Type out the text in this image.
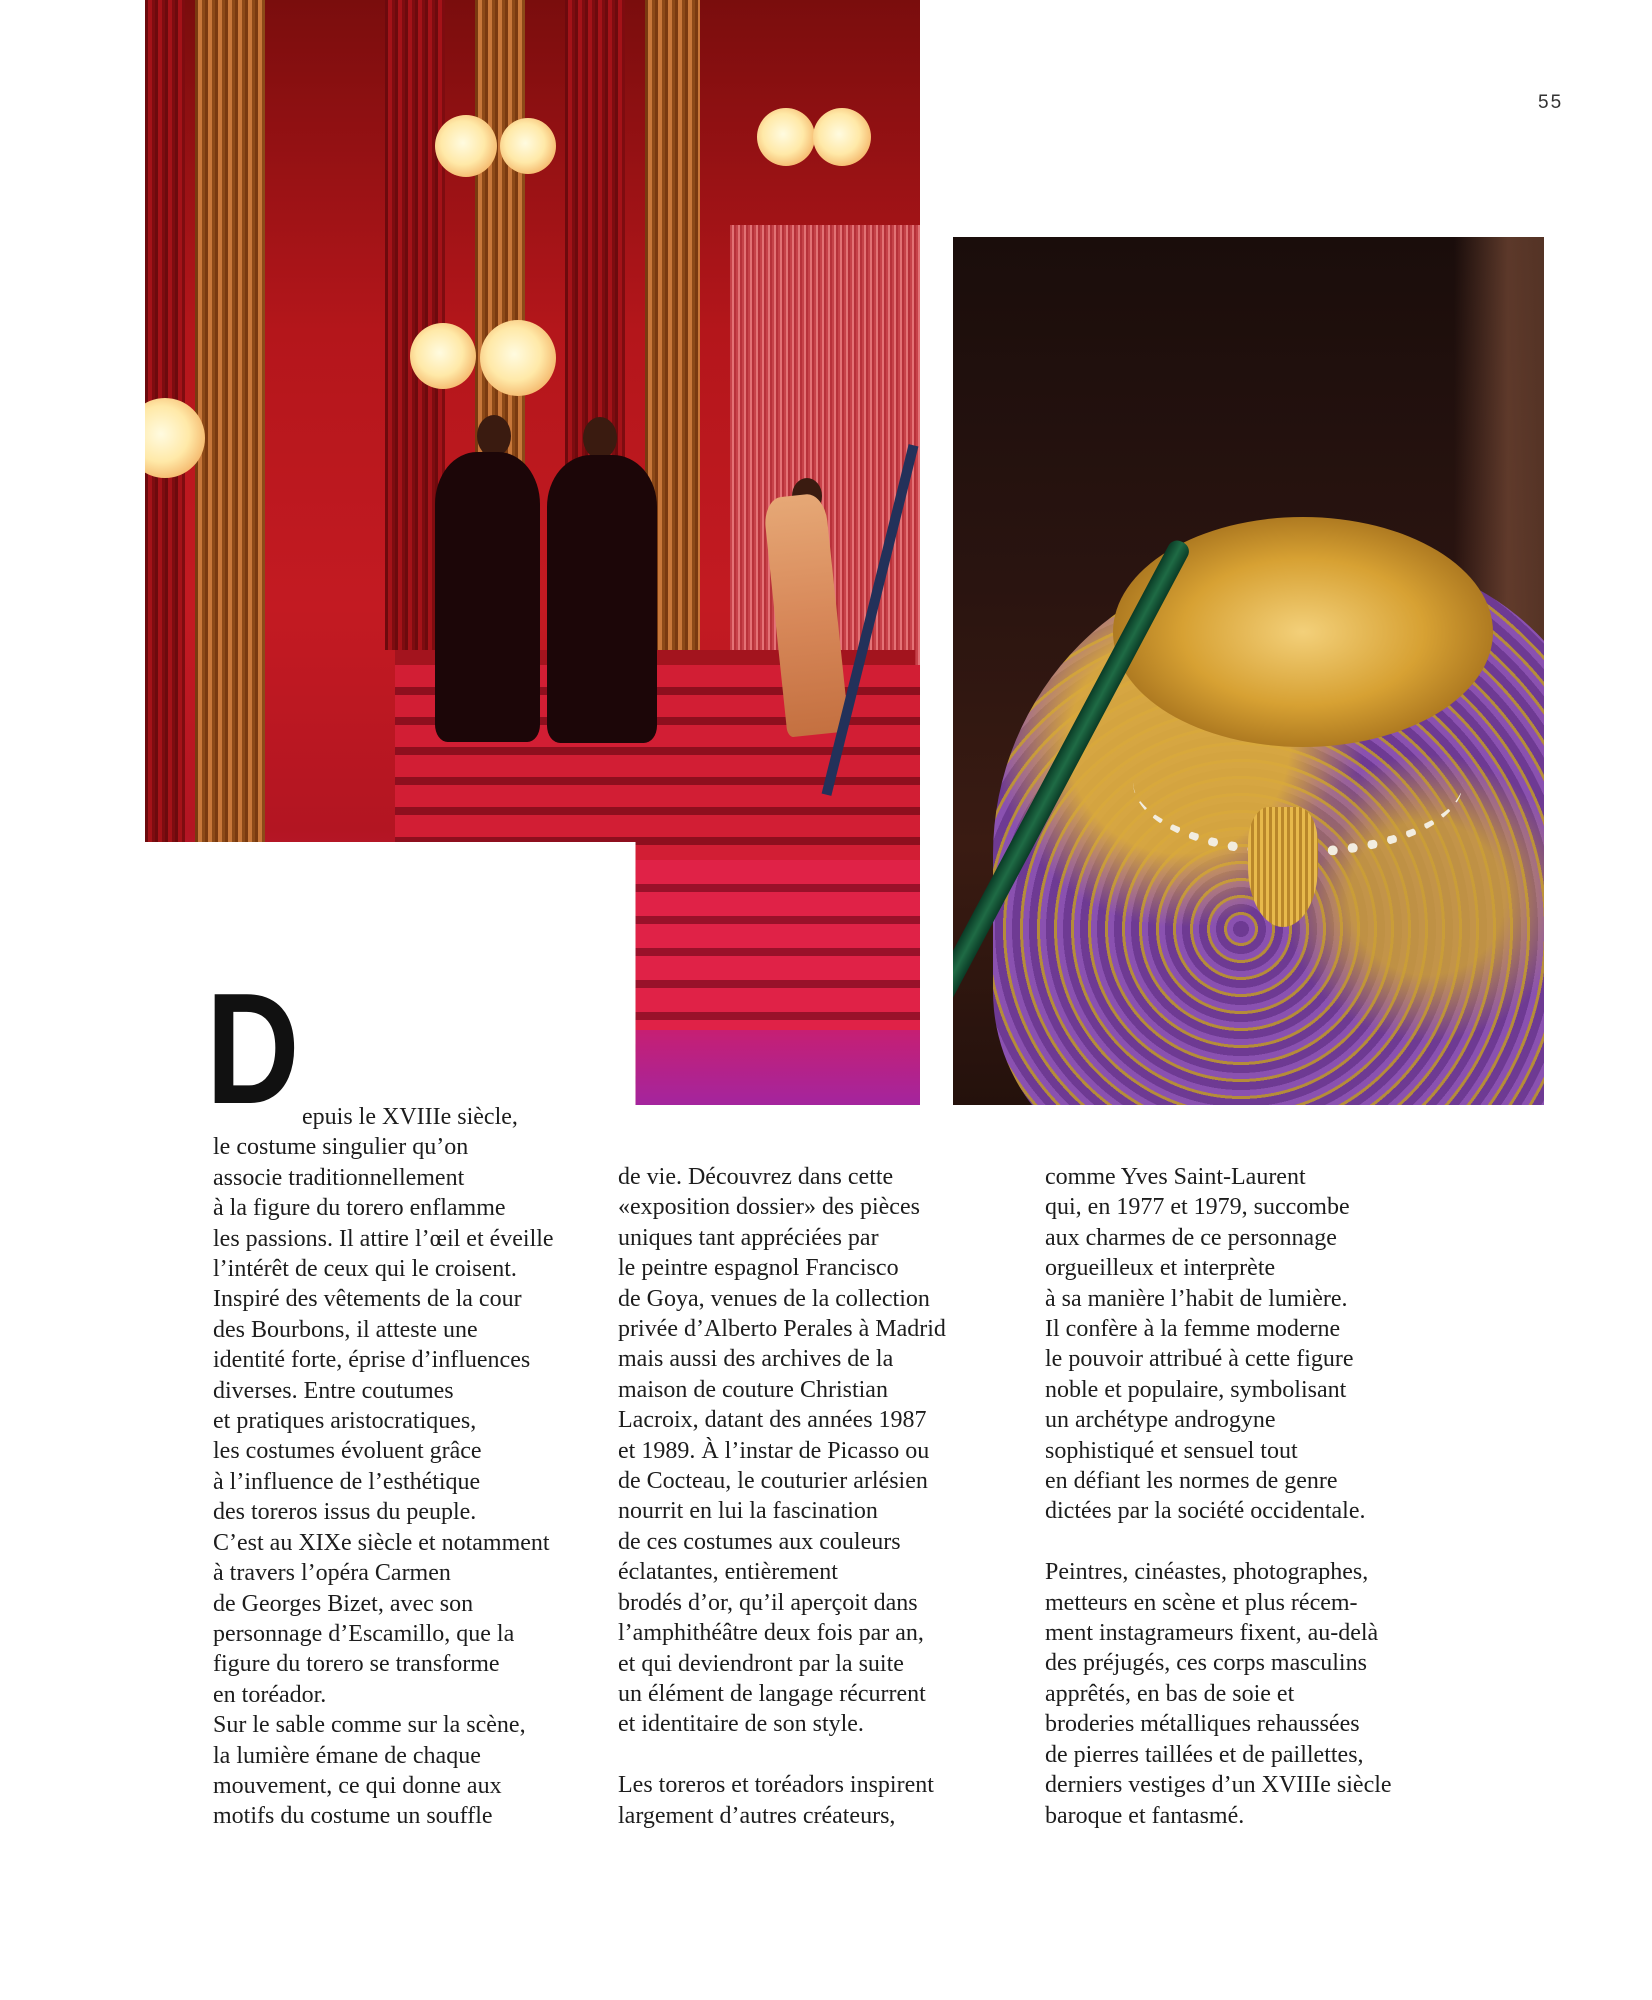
55
D epuis le XVIIIe siècle,
le costume singulier qu’on
associe traditionnellement
à la figure du torero enflamme
les passions. Il attire l’œil et éveille
l’intérêt de ceux qui le croisent.
Inspiré des vêtements de la cour
des Bourbons, il atteste une
identité forte, éprise d’influences
diverses. Entre coutumes
et pratiques aristocratiques,
les costumes évoluent grâce
à l’influence de l’esthétique
des toreros issus du peuple.
C’est au XIXe siècle et notamment
à travers l’opéra Carmen
de Georges Bizet, avec son
personnage d’Escamillo, que la
figure du torero se transforme
en toréador.
Sur le sable comme sur la scène,
la lumière émane de chaque
mouvement, ce qui donne aux
motifs du costume un souffle
de vie. Découvrez dans cette
«exposition dossier» des pièces
uniques tant appréciées par
le peintre espagnol Francisco
de Goya, venues de la collection
privée d’Alberto Perales à Madrid
mais aussi des archives de la
maison de couture Christian
Lacroix, datant des années 1987
et 1989. À l’instar de Picasso ou
de Cocteau, le couturier arlésien
nourrit en lui la fascination
de ces costumes aux couleurs
éclatantes, entièrement
brodés d’or, qu’il aperçoit dans
l’amphithéâtre deux fois par an,
et qui deviendront par la suite
un élément de langage récurrent
et identitaire de son style.
Les toreros et toréadors inspirent
largement d’autres créateurs,
comme Yves Saint-Laurent
qui, en 1977 et 1979, succombe
aux charmes de ce personnage
orgueilleux et interprète
à sa manière l’habit de lumière.
Il confère à la femme moderne
le pouvoir attribué à cette figure
noble et populaire, symbolisant
un archétype androgyne
sophistiqué et sensuel tout
en défiant les normes de genre
dictées par la société occidentale.
Peintres, cinéastes, photographes,
metteurs en scène et plus récem-
ment instagrameurs fixent, au-delà
des préjugés, ces corps masculins
apprêtés, en bas de soie et
broderies métalliques rehaussées
de pierres taillées et de paillettes,
derniers vestiges d’un XVIIIe siècle
baroque et fantasmé.
